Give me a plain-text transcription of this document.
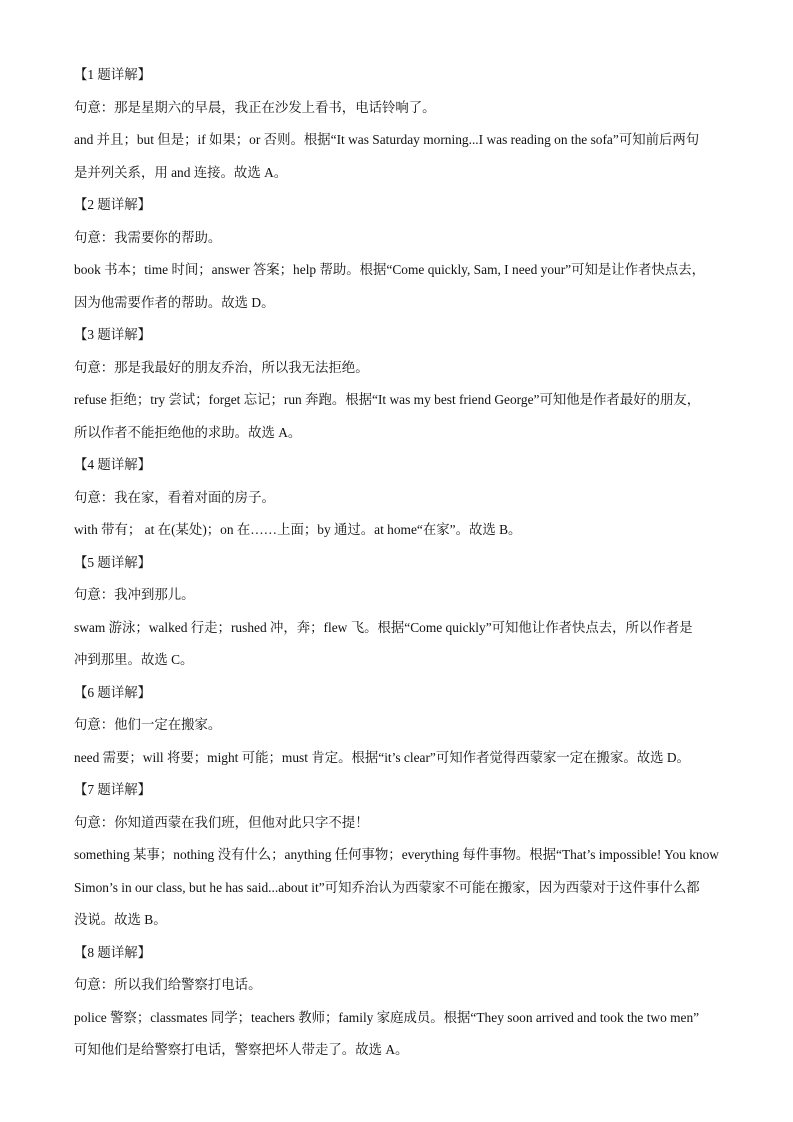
【1 题详解】
句意：那是星期六的早晨，我正在沙发上看书，电话铃响了。
and 并且；but 但是；if 如果；or 否则。根据“It was Saturday morning...I was reading on the sofa”可知前后两句
是并列关系，用 and 连接。故选 A。
【2 题详解】
句意：我需要你的帮助。
book 书本；time 时间；answer 答案；help 帮助。根据“Come quickly, Sam, I need your”可知是让作者快点去，
因为他需要作者的帮助。故选 D。
【3 题详解】
句意：那是我最好的朋友乔治，所以我无法拒绝。
refuse 拒绝；try 尝试；forget 忘记；run 奔跑。根据“It was my best friend George”可知他是作者最好的朋友，
所以作者不能拒绝他的求助。故选 A。
【4 题详解】
句意：我在家，看着对面的房子。
with 带有； at 在(某处)；on 在……上面；by 通过。at home“在家”。故选 B。
【5 题详解】
句意：我冲到那儿。
swam 游泳；walked 行走；rushed 冲，奔；flew 飞。根据“Come quickly”可知他让作者快点去，所以作者是
冲到那里。故选 C。
【6 题详解】
句意：他们一定在搬家。
need 需要；will 将要；might 可能；must 肯定。根据“it’s clear”可知作者觉得西蒙家一定在搬家。故选 D。
【7 题详解】
句意：你知道西蒙在我们班，但他对此只字不提！
something 某事；nothing 没有什么；anything 任何事物；everything 每件事物。根据“That’s impossible! You know
Simon’s in our class, but he has said...about it”可知乔治认为西蒙家不可能在搬家，因为西蒙对于这件事什么都
没说。故选 B。
【8 题详解】
句意：所以我们给警察打电话。
police 警察；classmates 同学；teachers 教师；family 家庭成员。根据“They soon arrived and took the two men”
可知他们是给警察打电话，警察把坏人带走了。故选 A。
